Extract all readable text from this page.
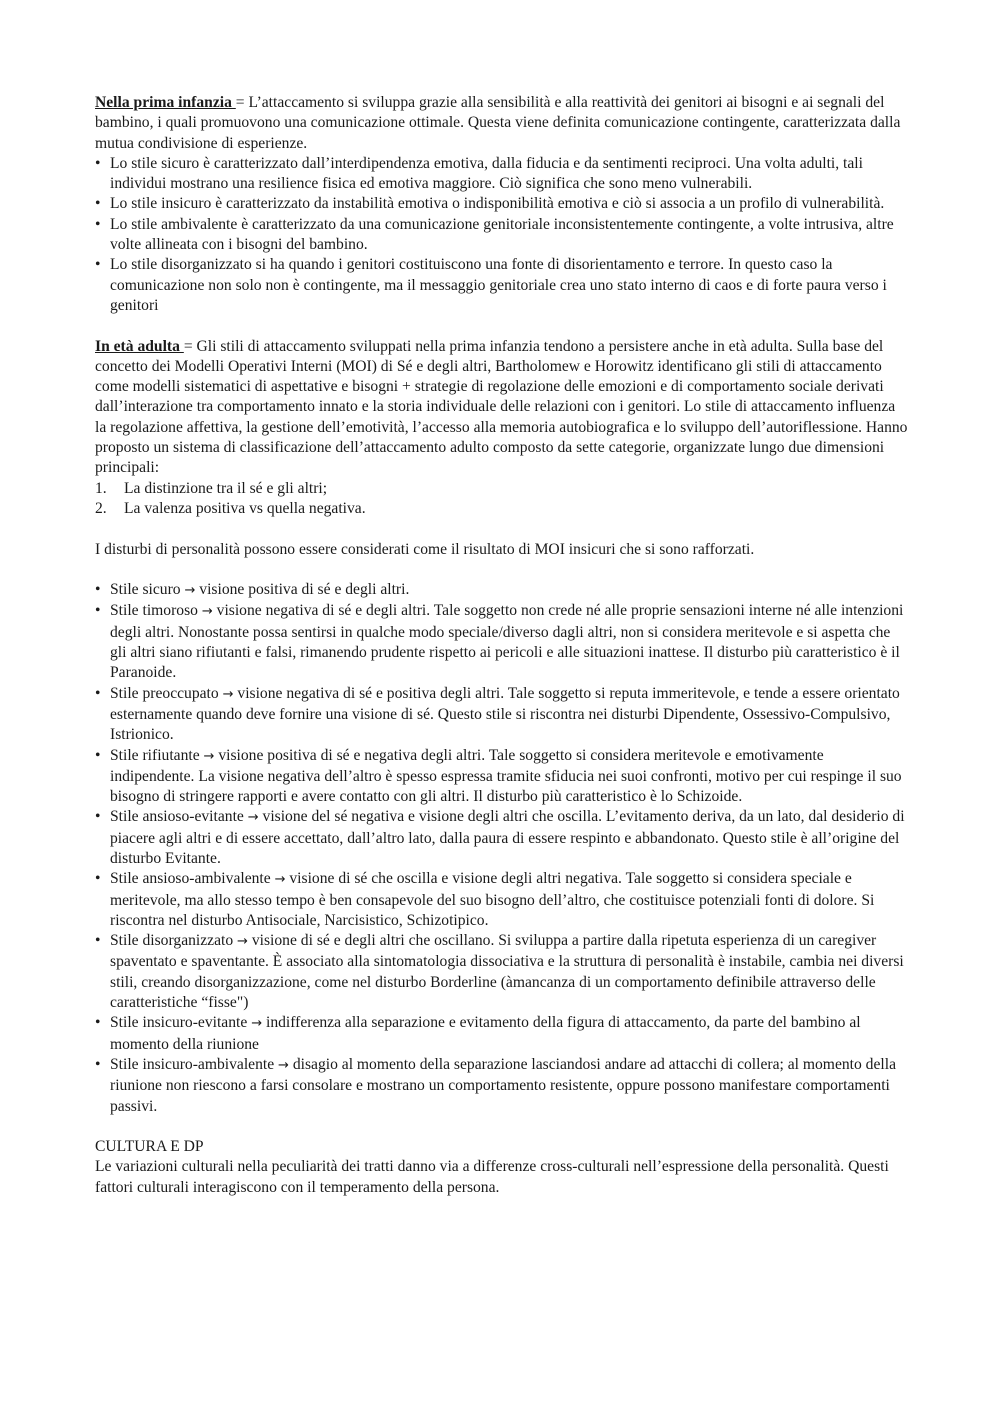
Nella prima infanzia = L’attaccamento si sviluppa grazie alla sensibilità e alla reattività dei genitori ai bisogni e ai segnali del bambino, i quali promuovono una comunicazione ottimale. Questa viene definita comunicazione contingente, caratterizzata dalla mutua condivisione di esperienze.

• Lo stile sicuro è caratterizzato dall’interdipendenza emotiva, dalla fiducia e da sentimenti reciproci. Una volta adulti, tali individui mostrano una resilience fisica ed emotiva maggiore. Ciò significa che sono meno vulnerabili.
• Lo stile insicuro è caratterizzato da instabilità emotiva o indisponibilità emotiva e ciò si associa a un profilo di vulnerabilità.
• Lo stile ambivalente è caratterizzato da una comunicazione genitoriale inconsistentemente contingente, a volte intrusiva, altre volte allineata con i bisogni del bambino.
• Lo stile disorganizzato si ha quando i genitori costituiscono una fonte di disorientamento e terrore. In questo caso la comunicazione non solo non è contingente, ma il messaggio genitoriale crea uno stato interno di caos e di forte paura verso i genitori

In età adulta = Gli stili di attaccamento sviluppati nella prima infanzia tendono a persistere anche in età adulta. Sulla base del concetto dei Modelli Operativi Interni (MOI) di Sé e degli altri, Bartholomew e Horowitz identificano gli stili di attaccamento come modelli sistematici di aspettative e bisogni + strategie di regolazione delle emozioni e di comportamento sociale derivati dall’interazione tra comportamento innato e la storia individuale delle relazioni con i genitori. Lo stile di attaccamento influenza la regolazione affettiva, la gestione dell’emotività, l’accesso alla memoria autobiografica e lo sviluppo dell’autoriflessione. Hanno proposto un sistema di classificazione dell’attaccamento adulto composto da sette categorie, organizzate lungo due dimensioni principali:

1. La distinzione tra il sé e gli altri;
2. La valenza positiva vs quella negativa.

I disturbi di personalità possono essere considerati come il risultato di MOI insicuri che si sono rafforzati.

• Stile sicuro → visione positiva di sé e degli altri.
• Stile timoroso → visione negativa di sé e degli altri. Tale soggetto non crede né alle proprie sensazioni interne né alle intenzioni degli altri. Nonostante possa sentirsi in qualche modo speciale/diverso dagli altri, non si considera meritevole e si aspetta che gli altri siano rifiutanti e falsi, rimanendo prudente rispetto ai pericoli e alle situazioni inattese. Il disturbo più caratteristico è il Paranoide.
• Stile preoccupato → visione negativa di sé e positiva degli altri. Tale soggetto si reputa immeritevole, e tende a essere orientato esternamente quando deve fornire una visione di sé. Questo stile si riscontra nei disturbi Dipendente, Ossessivo-Compulsivo, Istrionico.
• Stile rifiutante → visione positiva di sé e negativa degli altri. Tale soggetto si considera meritevole e emotivamente indipendente. La visione negativa dell’altro è spesso espressa tramite sfiducia nei suoi confronti, motivo per cui respinge il suo bisogno di stringere rapporti e avere contatto con gli altri. Il disturbo più caratteristico è lo Schizoide.
• Stile ansioso-evitante → visione del sé negativa e visione degli altri che oscilla. L’evitamento deriva, da un lato, dal desiderio di piacere agli altri e di essere accettato, dall’altro lato, dalla paura di essere respinto e abbandonato. Questo stile è all’origine del disturbo Evitante.
• Stile ansioso-ambivalente → visione di sé che oscilla e visione degli altri negativa. Tale soggetto si considera speciale e meritevole, ma allo stesso tempo è ben consapevole del suo bisogno dell’altro, che costituisce potenziali fonti di dolore. Si riscontra nel disturbo Antisociale, Narcisistico, Schizotipico.
• Stile disorganizzato → visione di sé e degli altri che oscillano. Si sviluppa a partire dalla ripetuta esperienza di un caregiver spaventato e spaventante. È associato alla sintomatologia dissociativa e la struttura di personalità è instabile, cambia nei diversi stili, creando disorganizzazione, come nel disturbo Borderline (àmancanza di un comportamento definibile attraverso delle caratteristiche “fisse")
• Stile insicuro-evitante → indifferenza alla separazione e evitamento della figura di attaccamento, da parte del bambino al momento della riunione
• Stile insicuro-ambivalente → disagio al momento della separazione lasciandosi andare ad attacchi di collera; al momento della riunione non riescono a farsi consolare e mostrano un comportamento resistente, oppure possono manifestare comportamenti passivi.

CULTURA E DP

Le variazioni culturali nella peculiarità dei tratti danno via a differenze cross-culturali nell’espressione della personalità. Questi fattori culturali interagiscono con il temperamento della persona.
